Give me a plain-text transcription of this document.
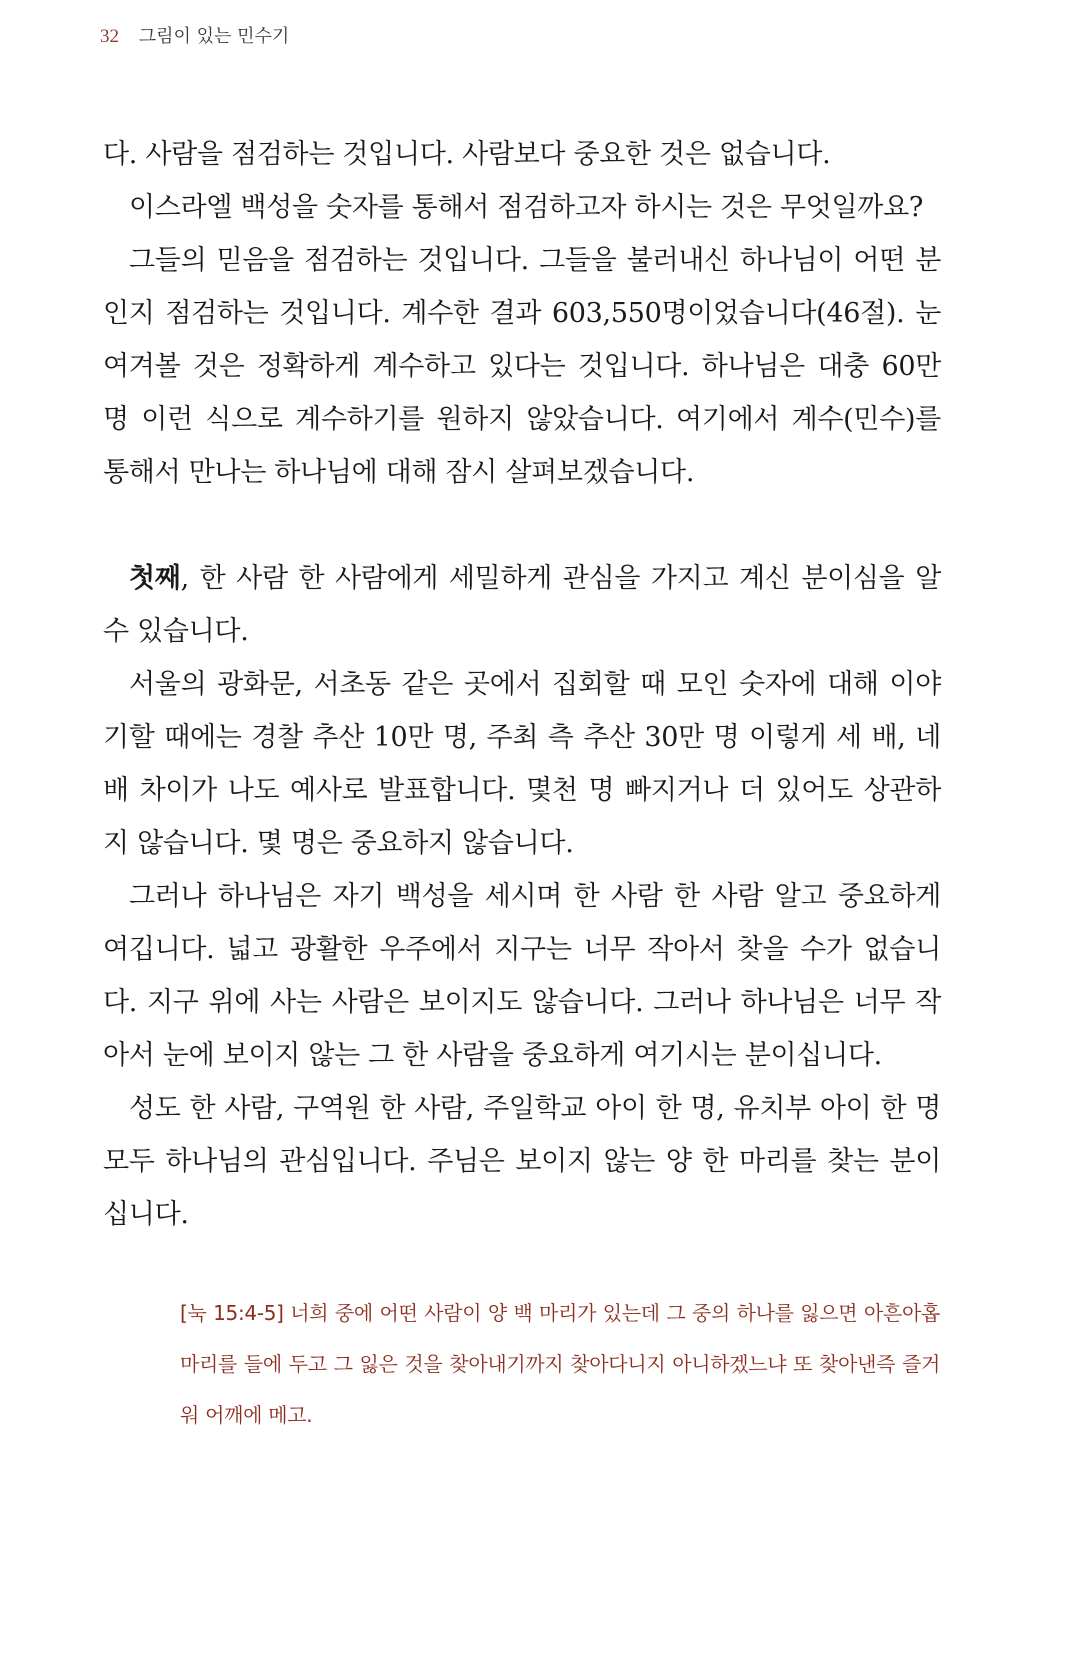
32 그림이 있는 민수기

다. 사람을 점검하는 것입니다. 사람보다 중요한 것은 없습니다.

이스라엘 백성을 숫자를 통해서 점검하고자 하시는 것은 무엇일까요?

그들의 믿음을 점검하는 것입니다. 그들을 불러내신 하나님이 어떤 분인지 점검하는 것입니다. 계수한 결과 603,550명이었습니다(46절). 눈여겨볼 것은 정확하게 계수하고 있다는 것입니다. 하나님은 대충 60만 명 이런 식으로 계수하기를 원하지 않았습니다. 여기에서 계수(민수)를 통해서 만나는 하나님에 대해 잠시 살펴보겠습니다.

첫째, 한 사람 한 사람에게 세밀하게 관심을 가지고 계신 분이심을 알 수 있습니다.

서울의 광화문, 서초동 같은 곳에서 집회할 때 모인 숫자에 대해 이야기할 때에는 경찰 추산 10만 명, 주최 측 추산 30만 명 이렇게 세 배, 네 배 차이가 나도 예사로 발표합니다. 몇천 명 빠지거나 더 있어도 상관하지 않습니다. 몇 명은 중요하지 않습니다.

그러나 하나님은 자기 백성을 세시며 한 사람 한 사람 알고 중요하게 여깁니다. 넓고 광활한 우주에서 지구는 너무 작아서 찾을 수가 없습니다. 지구 위에 사는 사람은 보이지도 않습니다. 그러나 하나님은 너무 작아서 눈에 보이지 않는 그 한 사람을 중요하게 여기시는 분이십니다.

성도 한 사람, 구역원 한 사람, 주일학교 아이 한 명, 유치부 아이 한 명 모두 하나님의 관심입니다. 주님은 보이지 않는 양 한 마리를 찾는 분이십니다.

[눅 15:4-5] 너희 중에 어떤 사람이 양 백 마리가 있는데 그 중의 하나를 잃으면 아흔아홉 마리를 들에 두고 그 잃은 것을 찾아내기까지 찾아다니지 아니하겠느냐 또 찾아낸즉 즐거워 어깨에 메고.
